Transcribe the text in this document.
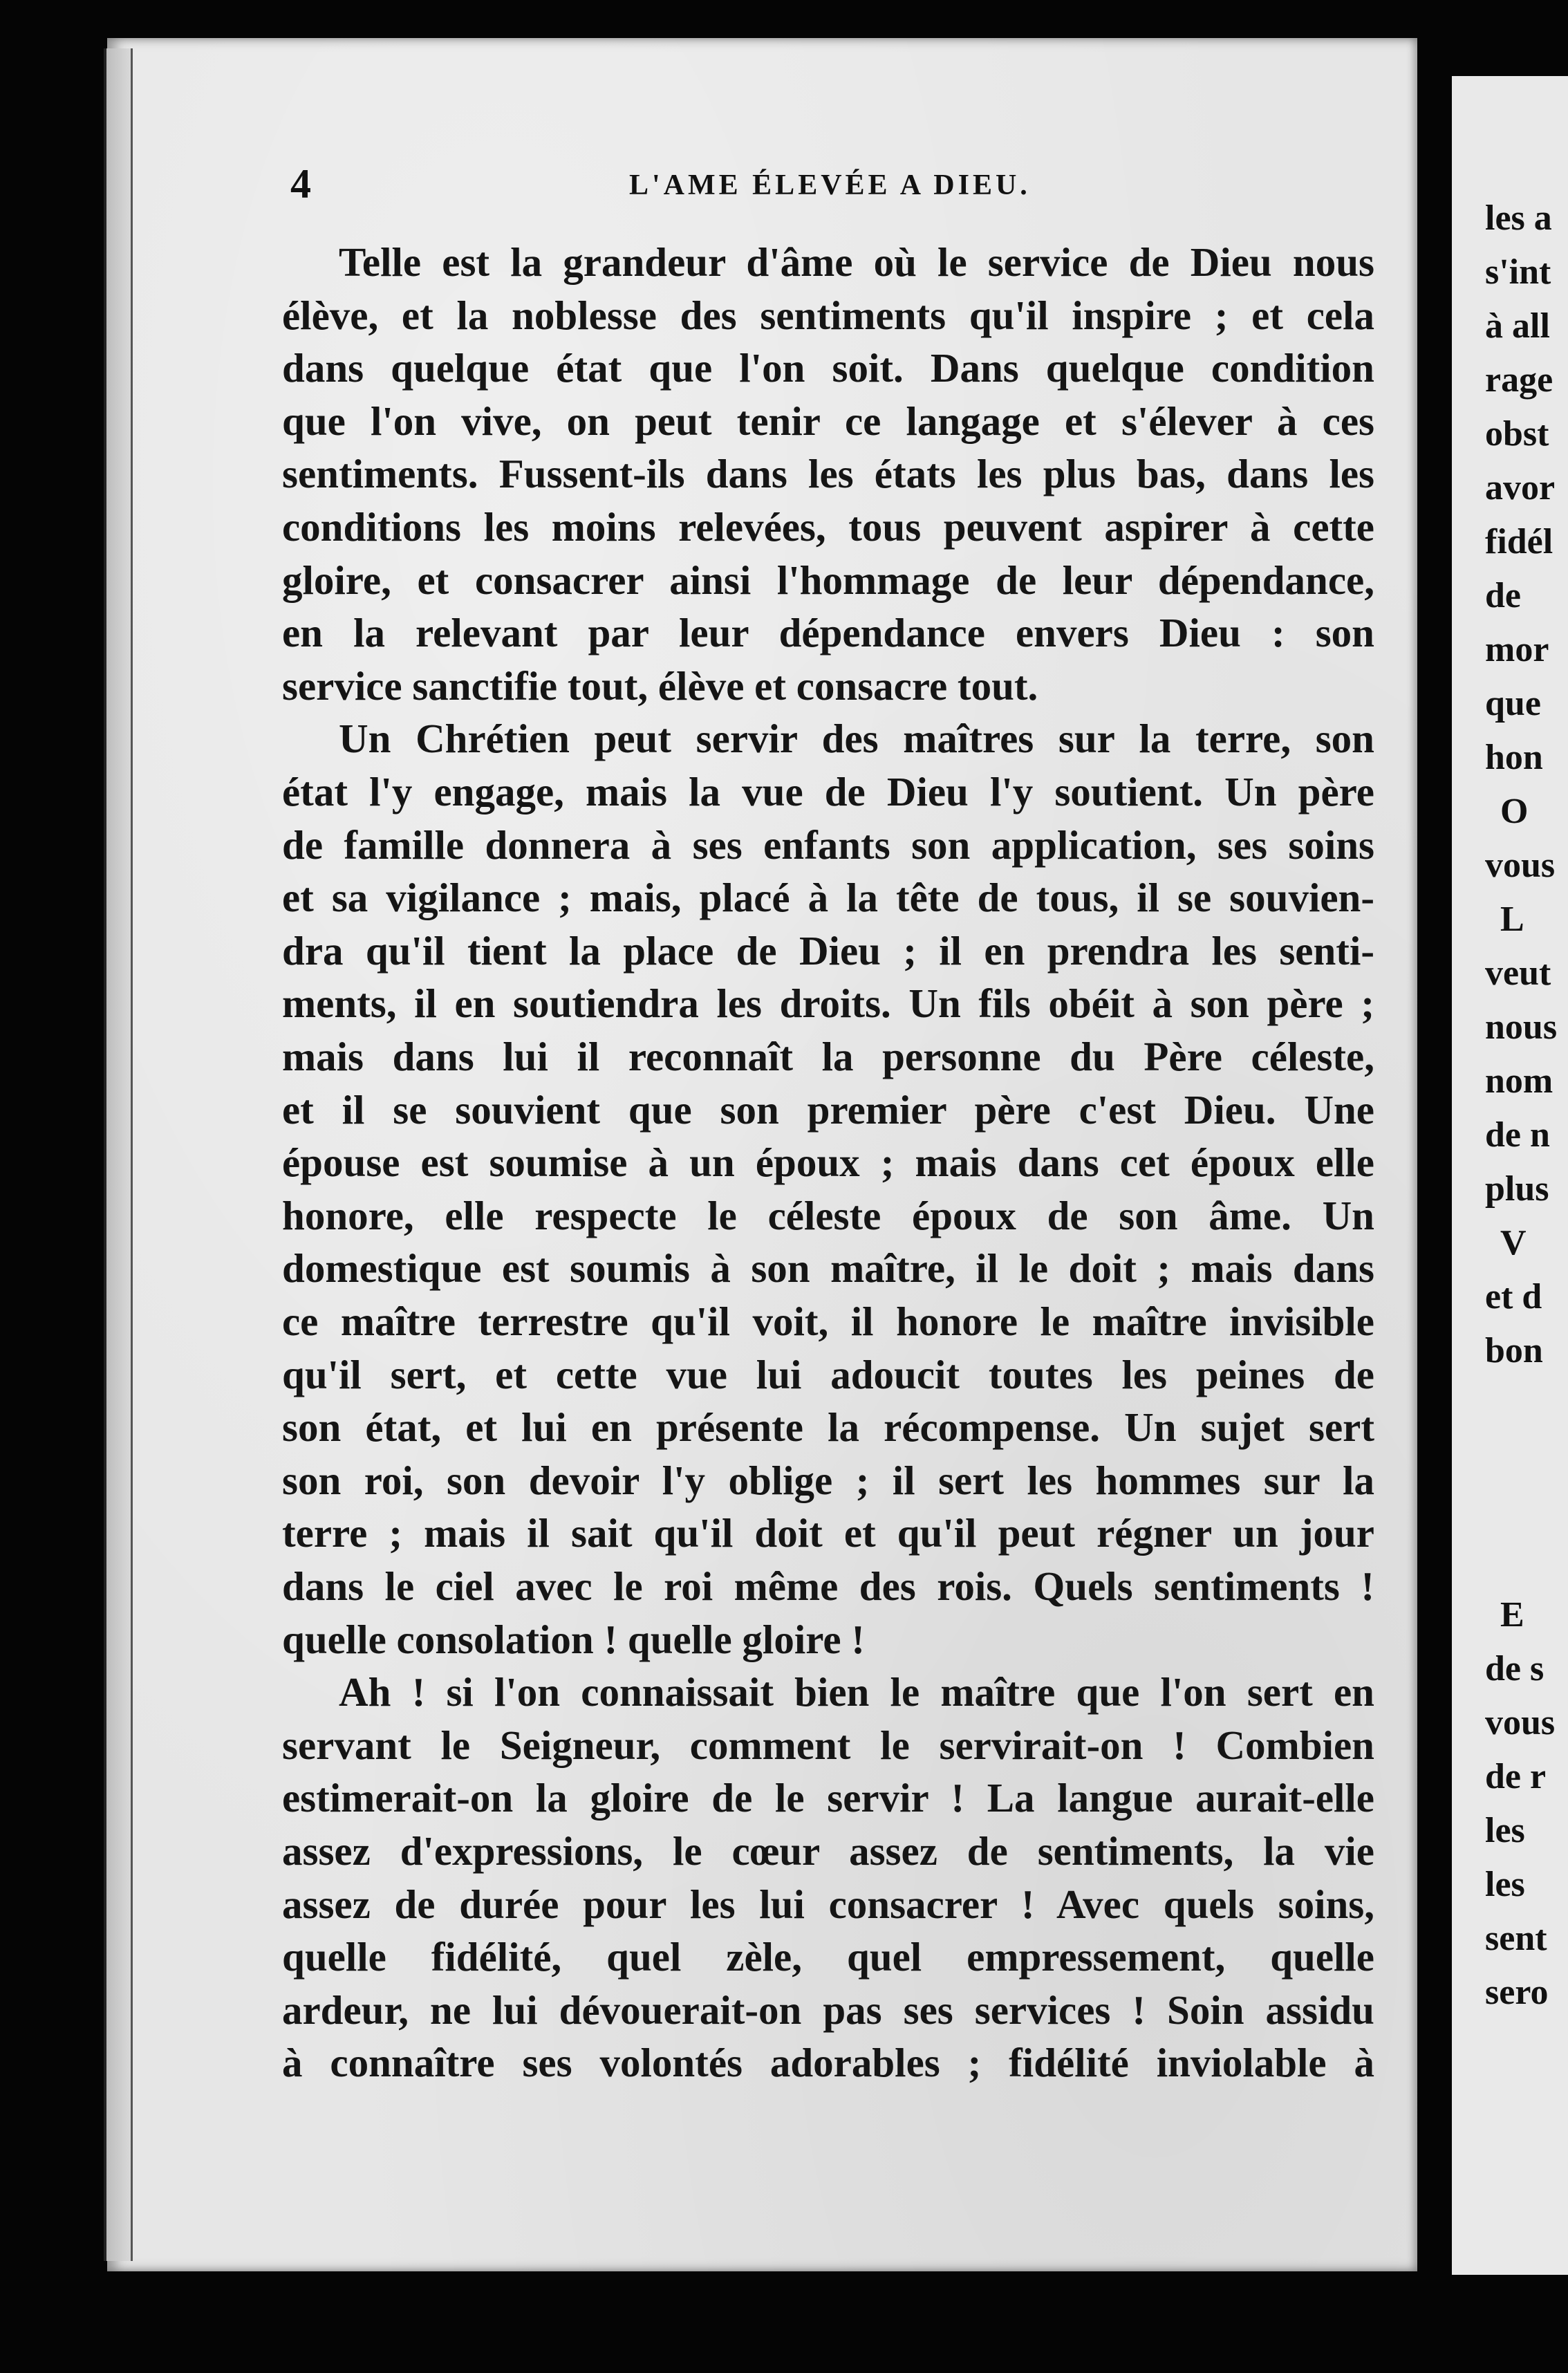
les a
s'int
à all
rage
obst
avor
fidél
de
mor
que
hon
O
vous
L
veut
nous
nom
de n
plus
V
et d
bon
E
de s
vous
de r
les
les
sent
sero
4	L'AME ÉLEVÉE A DIEU.
Telle est la grandeur d'âme où le service de Dieu nous
élève, et la noblesse des sentiments qu'il inspire ; et cela
dans quelque état que l'on soit. Dans quelque condition
que l'on vive, on peut tenir ce langage et s'élever à ces
sentiments. Fussent-ils dans les états les plus bas, dans les
conditions les moins relevées, tous peuvent aspirer à cette
gloire, et consacrer ainsi l'hommage de leur dépendance,
en la relevant par leur dépendance envers Dieu : son
service sanctifie tout, élève et consacre tout.
Un Chrétien peut servir des maîtres sur la terre, son
état l'y engage, mais la vue de Dieu l'y soutient. Un père
de famille donnera à ses enfants son application, ses soins
et sa vigilance ; mais, placé à la tête de tous, il se souvien-
dra qu'il tient la place de Dieu ; il en prendra les senti-
ments, il en soutiendra les droits. Un fils obéit à son père ;
mais dans lui il reconnaît la personne du Père céleste,
et il se souvient que son premier père c'est Dieu. Une
épouse est soumise à un époux ; mais dans cet époux elle
honore, elle respecte le céleste époux de son âme. Un
domestique est soumis à son maître, il le doit ; mais dans
ce maître terrestre qu'il voit, il honore le maître invisible
qu'il sert, et cette vue lui adoucit toutes les peines de
son état, et lui en présente la récompense. Un sujet sert
son roi, son devoir l'y oblige ; il sert les hommes sur la
terre ; mais il sait qu'il doit et qu'il peut régner un jour
dans le ciel avec le roi même des rois. Quels sentiments !
quelle consolation ! quelle gloire !
Ah ! si l'on connaissait bien le maître que l'on sert en
servant le Seigneur, comment le servirait-on ! Combien
estimerait-on la gloire de le servir ! La langue aurait-elle
assez d'expressions, le cœur assez de sentiments, la vie
assez de durée pour les lui consacrer ! Avec quels soins,
quelle fidélité, quel zèle, quel empressement, quelle
ardeur, ne lui dévouerait-on pas ses services ! Soin assidu
à connaître ses volontés adorables ; fidélité inviolable à
